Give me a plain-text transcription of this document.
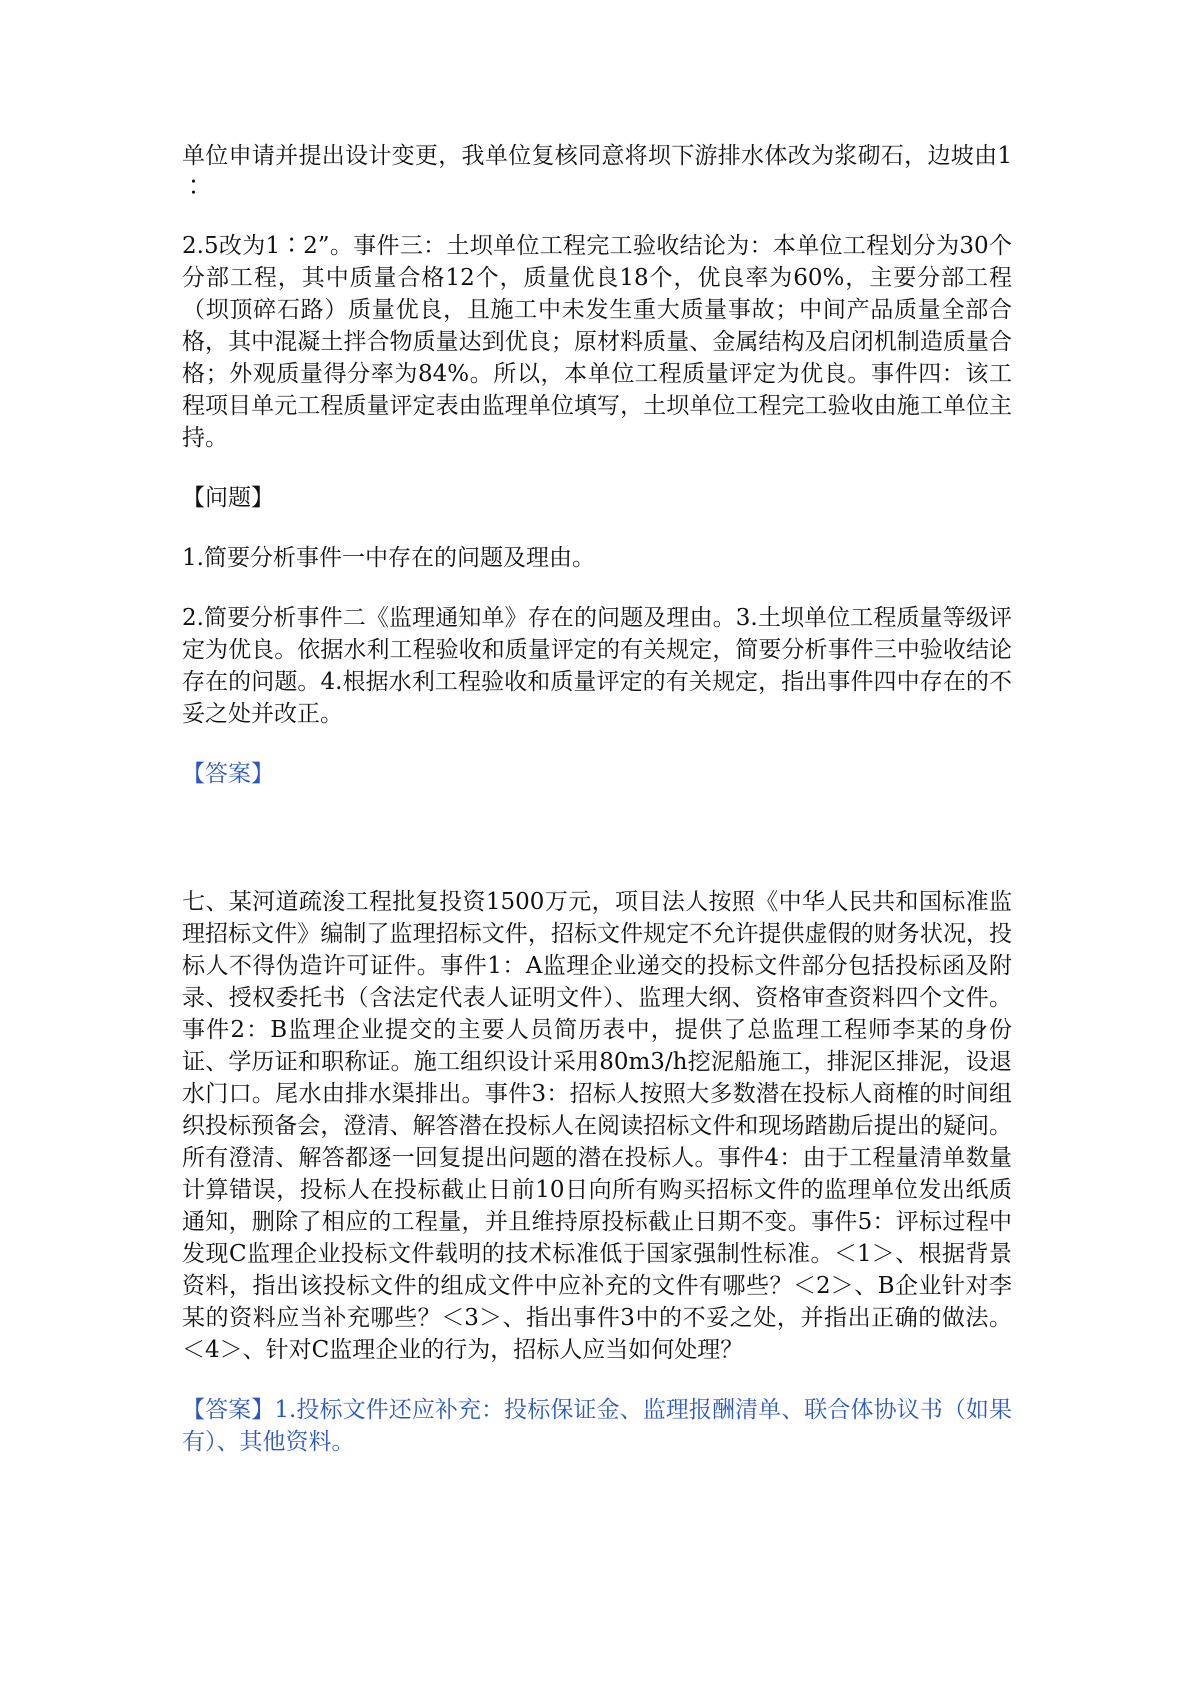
单位申请并提出设计变更，我单位复核同意将坝下游排水体改为浆砌石，边坡由1∶

2.5改为1∶2”。事件三：土坝单位工程完工验收结论为：本单位工程划分为30个分部工程，其中质量合格12个，质量优良18个，优良率为60%，主要分部工程（坝顶碎石路）质量优良，且施工中未发生重大质量事故；中间产品质量全部合格，其中混凝土拌合物质量达到优良；原材料质量、金属结构及启闭机制造质量合格；外观质量得分率为84%。所以，本单位工程质量评定为优良。事件四：该工程项目单元工程质量评定表由监理单位填写，土坝单位工程完工验收由施工单位主持。

【问题】

1.简要分析事件一中存在的问题及理由。

2.简要分析事件二《监理通知单》存在的问题及理由。3.土坝单位工程质量等级评定为优良。依据水利工程验收和质量评定的有关规定，简要分析事件三中验收结论存在的问题。4.根据水利工程验收和质量评定的有关规定，指出事件四中存在的不妥之处并改正。

【答案】

七、某河道疏浚工程批复投资1500万元，项目法人按照《中华人民共和国标准监理招标文件》编制了监理招标文件，招标文件规定不允许提供虚假的财务状况，投标人不得伪造许可证件。事件1：A监理企业递交的投标文件部分包括投标函及附录、授权委托书（含法定代表人证明文件）、监理大纲、资格审查资料四个文件。事件2：B监理企业提交的主要人员简历表中，提供了总监理工程师李某的身份证、学历证和职称证。施工组织设计采用80m3/h挖泥船施工，排泥区排泥，设退水门口。尾水由排水渠排出。事件3：招标人按照大多数潜在投标人商榷的时间组织投标预备会，澄清、解答潜在投标人在阅读招标文件和现场踏勘后提出的疑问。所有澄清、解答都逐一回复提出问题的潜在投标人。事件4：由于工程量清单数量计算错误，投标人在投标截止日前10日向所有购买招标文件的监理单位发出纸质通知，删除了相应的工程量，并且维持原投标截止日期不变。事件5：评标过程中发现C监理企业投标文件载明的技术标准低于国家强制性标准。＜1＞、根据背景资料，指出该投标文件的组成文件中应补充的文件有哪些？＜2＞、B企业针对李某的资料应当补充哪些？＜3＞、指出事件3中的不妥之处，并指出正确的做法。＜4＞、针对C监理企业的行为，招标人应当如何处理？

【答案】1.投标文件还应补充：投标保证金、监理报酬清单、联合体协议书（如果有）、其他资料。
